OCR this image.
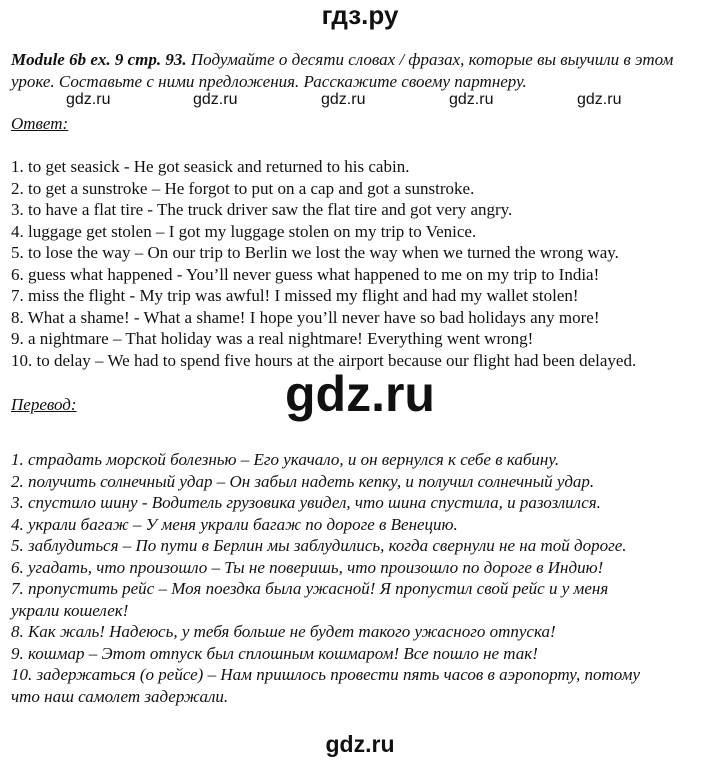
гдз.ру
Module 6b ex. 9 стр. 93. Подумайте о десяти словах / фразах, которые вы выучили в этом уроке. Составьте с ними предложения. Расскажите своему партнеру.
gdz.ru	gdz.ru	gdz.ru	gdz.ru	gdz.ru
Ответ:
1. to get seasick - He got seasick and returned to his cabin.
2. to get a sunstroke – He forgot to put on a cap and got a sunstroke.
3. to have a flat tire - The truck driver saw the flat tire and got very angry.
4. luggage get stolen – I got my luggage stolen on my trip to Venice.
5. to lose the way – On our trip to Berlin we lost the way when we turned the wrong way.
6. guess what happened - You’ll never guess what happened to me on my trip to India!
7. miss the flight - My trip was awful! I missed my flight and had my wallet stolen!
8. What a shame! - What a shame! I hope you’ll never have so bad holidays any more!
9. a nightmare – That holiday was a real nightmare! Everything went wrong!
10. to delay – We had to spend five hours at the airport because our flight had been delayed.
gdz.ru
Перевод:
1. страдать морской болезнью – Его укачало, и он вернулся к себе в кабину.
2. получить солнечный удар – Он забыл надеть кепку, и получил солнечный удар.
3. спустило шину - Водитель грузовика увидел, что шина спустила, и разозлился.
4. украли багаж – У меня украли багаж по дороге в Венецию.
5. заблудиться – По пути в Берлин мы заблудились, когда свернули не на той дороге.
6. угадать, что произошло – Ты не поверишь, что произошло по дороге в Индию!
7. пропустить рейс – Моя поездка была ужасной! Я пропустил свой рейс и у меня
украли кошелек!
8. Как жаль! Надеюсь, у тебя больше не будет такого ужасного отпуска!
9. кошмар – Этот отпуск был сплошным кошмаром! Все пошло не так!
10. задержаться (о рейсе) – Нам пришлось провести пять часов в аэропорту, потому
что наш самолет задержали.
gdz.ru
